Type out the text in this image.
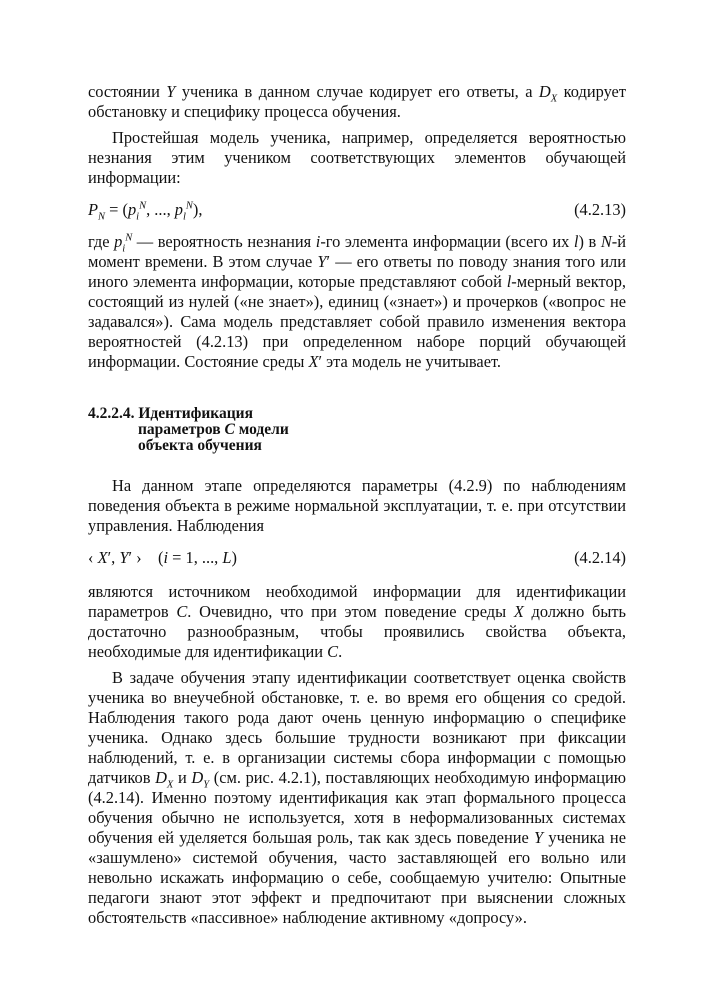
состоянии Y ученика в данном случае кодирует его ответы, а $D_X$ кодирует обстановку и специфику процесса обучения.

Простейшая модель ученика, например, определяется вероятностью незнания этим учеником соответствующих элементов обучающей информации:

$P_N = (p_i^N$, ..., $p_l^N$),	(4.2.13)

где $p_i^N$ — вероятность незнания i-го элемента информации (всего их l) в N-й момент времени. В этом случае Y′ — его ответы по поводу знания того или иного элемента информации, которые представляют собой l-мерный вектор, состоящий из нулей («не знает»), единиц («знает») и прочерков («вопрос не задавался»). Сама модель представляет собой правило изменения вектора вероятностей (4.2.13) при определенном наборе порций обучающей информации. Состояние среды X′ эта модель не учитывает.

4.2.2.4. Идентификация
параметров C модели
объекта обучения

На данном этапе определяются параметры (4.2.9) по наблюдениям поведения объекта в режиме нормальной эксплуатации, т. е. при отсутствии управления. Наблюдения

‹ X′, Y′ ›    (i = 1, ..., L)	(4.2.14)

являются источником необходимой информации для идентификации параметров C. Очевидно, что при этом поведение среды X должно быть достаточно разнообразным, чтобы проявились свойства объекта, необходимые для идентификации C.

В задаче обучения этапу идентификации соответствует оценка свойств ученика во внеучебной обстановке, т. е. во время его общения со средой. Наблюдения такого рода дают очень ценную информацию о специфике ученика. Однако здесь большие трудности возникают при фиксации наблюдений, т. е. в организации системы сбора информации с помощью датчиков $D_X$ и $D_Y$ (см. рис. 4.2.1), поставляющих необходимую информацию (4.2.14). Именно поэтому идентификация как этап формального процесса обучения обычно не используется, хотя в неформализованных системах обучения ей уделяется большая роль, так как здесь поведение Y ученика не «зашумлено» системой обучения, часто заставляющей его вольно или невольно искажать информацию о себе, сообщаемую учителю: Опытные педагоги знают этот эффект и предпочитают при выяснении сложных обстоятельств «пассивное» наблюдение активному «допросу».
